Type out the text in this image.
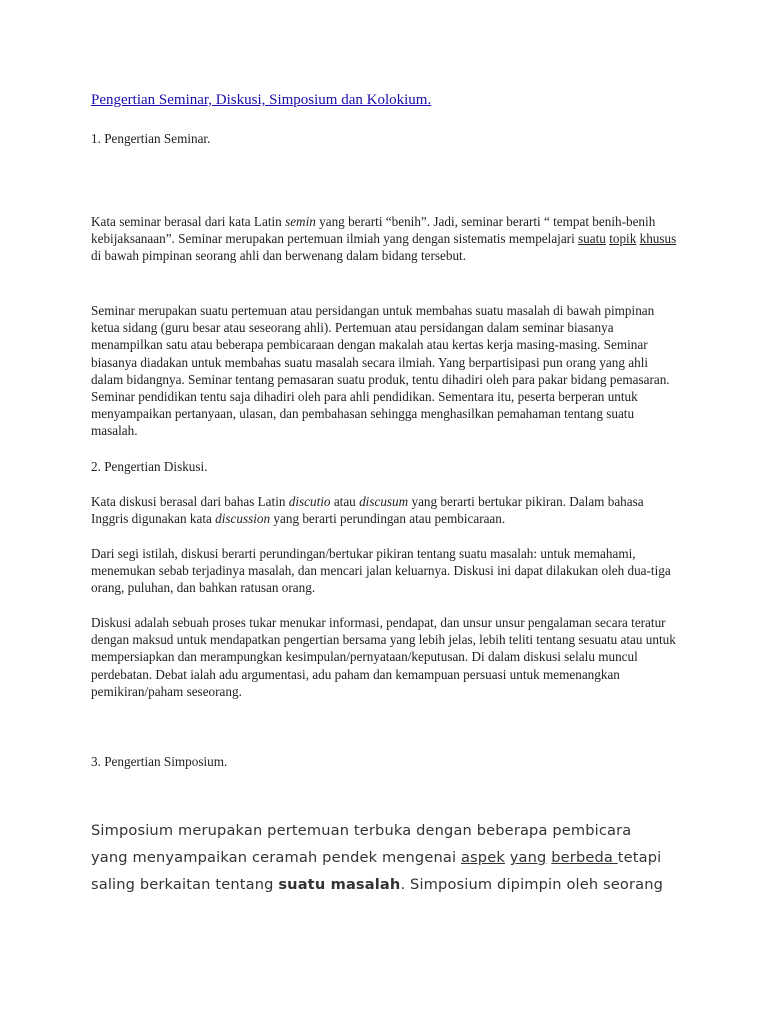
Pengertian Seminar, Diskusi, Simposium dan Kolokium.

1. Pengertian Seminar.

Kata seminar berasal dari kata Latin semin yang berarti “benih”. Jadi, seminar berarti “ tempat benih-benih kebijaksanaan”. Seminar merupakan pertemuan ilmiah yang dengan sistematis mempelajari suatu topik khusus di bawah pimpinan seorang ahli dan berwenang dalam bidang tersebut.

Seminar merupakan suatu pertemuan atau persidangan untuk membahas suatu masalah di bawah pimpinan ketua sidang (guru besar atau seseorang ahli). Pertemuan atau persidangan dalam seminar biasanya menampilkan satu atau beberapa pembicaraan dengan makalah atau kertas kerja masing-masing. Seminar biasanya diadakan untuk membahas suatu masalah secara ilmiah. Yang berpartisipasi pun orang yang ahli dalam bidangnya. Seminar tentang pemasaran suatu produk, tentu dihadiri oleh para pakar bidang pemasaran. Seminar pendidikan tentu saja dihadiri oleh para ahli pendidikan. Sementara itu, peserta berperan untuk menyampaikan pertanyaan, ulasan, dan pembahasan sehingga menghasilkan pemahaman tentang suatu masalah.

2. Pengertian Diskusi.

Kata diskusi berasal dari bahas Latin discutio atau discusum yang berarti bertukar pikiran. Dalam bahasa Inggris digunakan kata discussion yang berarti perundingan atau pembicaraan.

Dari segi istilah, diskusi berarti perundingan/bertukar pikiran tentang suatu masalah: untuk memahami, menemukan sebab terjadinya masalah, dan mencari jalan keluarnya. Diskusi ini dapat dilakukan oleh dua-tiga orang, puluhan, dan bahkan ratusan orang.

Diskusi adalah sebuah proses tukar menukar informasi, pendapat, dan unsur unsur pengalaman secara teratur dengan maksud untuk mendapatkan pengertian bersama yang lebih jelas, lebih teliti tentang sesuatu atau untuk mempersiapkan dan merampungkan kesimpulan/pernyataan/keputusan. Di dalam diskusi selalu muncul perdebatan. Debat ialah adu argumentasi, adu paham dan kemampuan persuasi untuk memenangkan pemikiran/paham seseorang.

3. Pengertian Simposium.

Simposium merupakan pertemuan terbuka dengan beberapa pembicara yang menyampaikan ceramah pendek mengenai aspek yang berbeda tetapi saling berkaitan tentang suatu masalah. Simposium dipimpin oleh seorang
